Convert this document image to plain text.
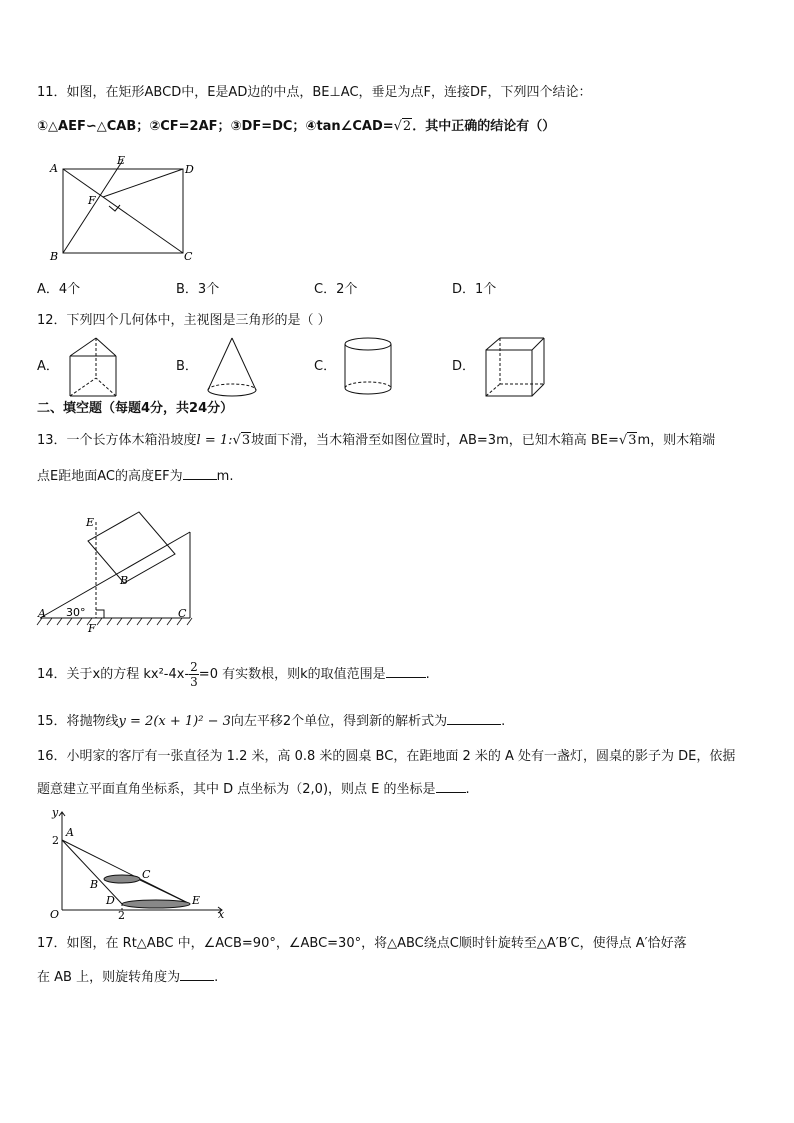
11．如图，在矩形ABCD中，E是AD边的中点，BE⊥AC，垂足为点F，连接DF，下列四个结论：
①△AEF∽△CAB；②CF=2AF；③DF=DC；④tan∠CAD=√2．其中正确的结论有（）
A
E
D
F
B	C
A．4个	B．3个	C．2个	D．1个
12．下列四个几何体中，主视图是三角形的是（ ）
A．	B．	C．	D．
二、填空题（每题4分，共24分）
13．一个长方体木箱沿坡度l = 1:√3坡面下滑，当木箱滑至如图位置时，AB=3m，已知木箱高 BE=√3m，则木箱端
点E距地面AC的高度EF为	m.
E
B
A	C
F
30°
14．关于x的方程 $kx^2-4x- \frac{2}{3} =0$ 有实数根，则k的取值范围是	.
15．将抛物线y = 2(x + 1)² − 3向左平移2个单位，得到新的解析式为	.
16．小明家的客厅有一张直径为 1.2 米，高 0.8 米的圆桌 BC，在距地面 2 米的 A 处有一盏灯，圆桌的影子为 DE，依据
题意建立平面直角坐标系，其中 D 点坐标为（2,0)，则点 E 的坐标是 .
y
x
O
2
2
A
C
B
D	E
17．如图，在 Rt△ABC 中，∠ACB=90°，∠ABC=30°，将△ABC绕点C顺时针旋转至△A′B′C，使得点 A′恰好落
在 AB 上，则旋转角度为	.
